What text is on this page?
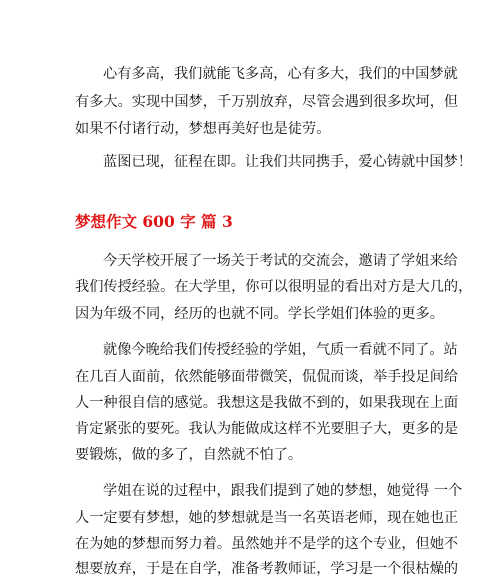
心有多高，我们就能飞多高，心有多大，我们的中国梦就
有多大。实现中国梦，千万别放弃，尽管会遇到很多坎坷，但
如果不付诸行动，梦想再美好也是徒劳。
蓝图已现，征程在即。让我们共同携手，爱心铸就中国梦！
梦想作文 600 字 篇 3
今天学校开展了一场关于考试的交流会，邀请了学姐来给
我们传授经验。在大学里，你可以很明显的看出对方是大几的，
因为年级不同，经历的也就不同。学长学姐们体验的更多。
就像今晚给我们传授经验的学姐，气质一看就不同了。站
在几百人面前，依然能够面带微笑，侃侃而谈，举手投足间给
人一种很自信的感觉。我想这是我做不到的，如果我现在上面
肯定紧张的要死。我认为能做成这样不光要胆子大，更多的是
要锻炼，做的多了，自然就不怕了。
学姐在说的过程中，跟我们提到了她的梦想，她觉得 一个
人一定要有梦想，她的梦想就是当一名英语老师，现在她也正
在为她的梦想而努力着。虽然她并不是学的这个专业，但她不
想要放弃，于是在自学，准备考教师证，学习是一个很枯燥的
